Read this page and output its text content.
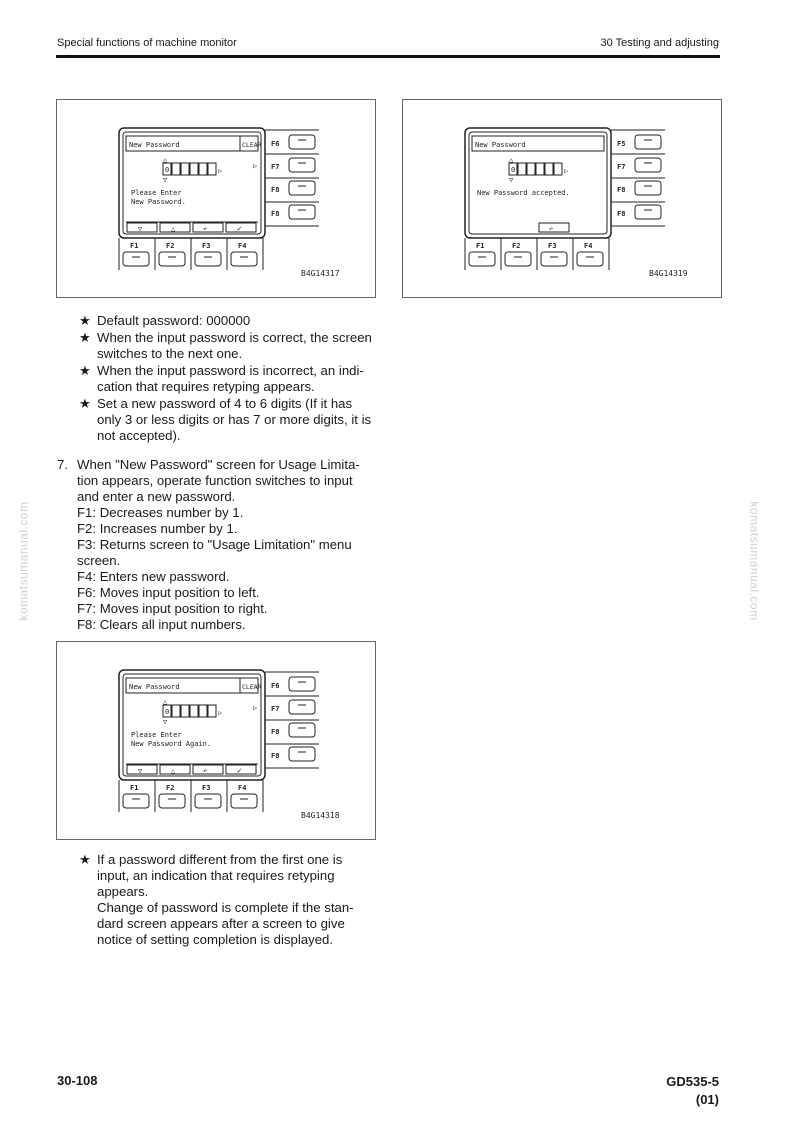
Special functions of machine monitor	30 Testing and adjusting
komatsumanual.com	komatsumanual.com
New Password	CLEAR
△
0	▷
▽
▷
Please Enter
New Password.
▽	△	↶	✓
F6
F7
F8
F8
F1	F2	F3	F4
B4G14317
New Password
△
0	▷
▽
New Password accepted.
↶
F5
F7
F8
F8
F1	F2	F3	F4
B4G14319
★ Default password: 000000
★ When the input password is correct, the screen
switches to the next one.
★ When the input password is incorrect, an indi-
cation that requires retyping appears.
★ Set a new password of 4 to 6 digits (If it has
only 3 or less digits or has 7 or more digits, it is
not accepted).
7. When "New Password" screen for Usage Limita-
tion appears, operate function switches to input
and enter a new password.
F1: Decreases number by 1.
F2: Increases number by 1.
F3: Returns screen to "Usage Limitation" menu
screen.
F4: Enters new password.
F6: Moves input position to left.
F7: Moves input position to right.
F8: Clears all input numbers.
New Password	CLEAR
△
0	▷
▽
▷
Please Enter
New Password Again.
▽	△	↶	✓
F6
F7
F8
F8
F1	F2	F3	F4
B4G14318
★ If a password different from the first one is
input, an indication that requires retyping
appears.
Change of password is complete if the stan-
dard screen appears after a screen to give
notice of setting completion is displayed.
30-108	GD535-5
(01)
